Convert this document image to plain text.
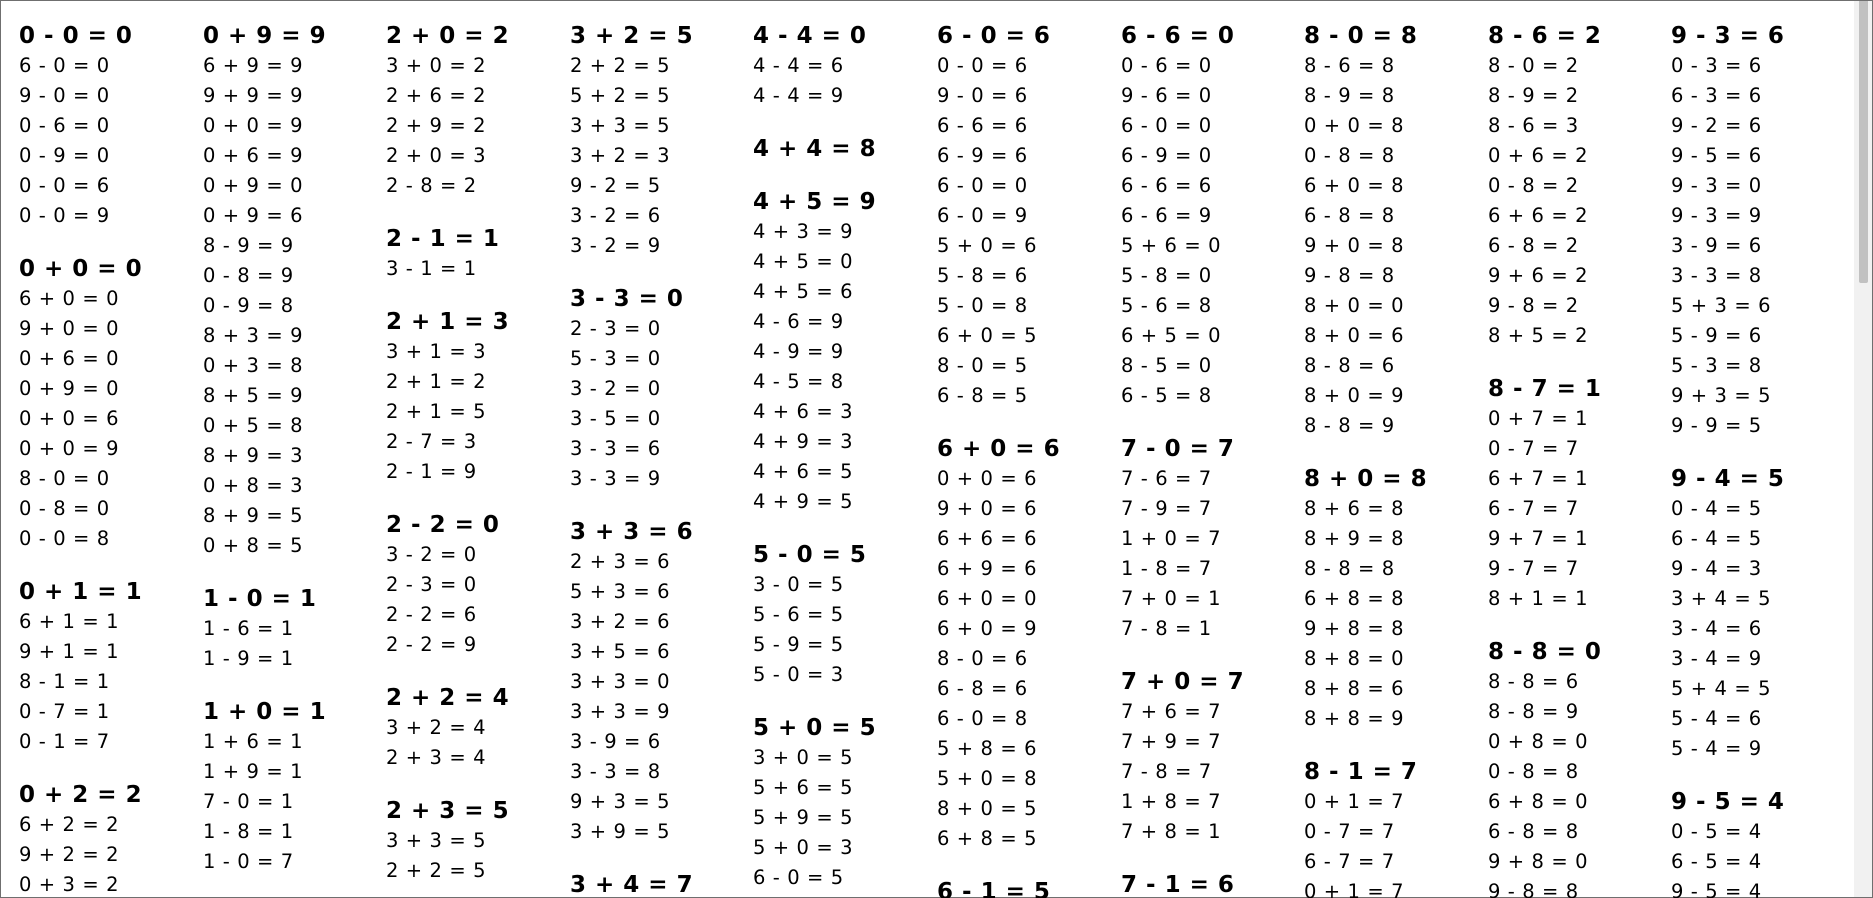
0 - 0 = 0
6 - 0 = 0
9 - 0 = 0
0 - 6 = 0
0 - 9 = 0
0 - 0 = 6
0 - 0 = 9
0 + 0 = 0
6 + 0 = 0
9 + 0 = 0
0 + 6 = 0
0 + 9 = 0
0 + 0 = 6
0 + 0 = 9
8 - 0 = 0
0 - 8 = 0
0 - 0 = 8
0 + 1 = 1
6 + 1 = 1
9 + 1 = 1
8 - 1 = 1
0 - 7 = 1
0 - 1 = 7
0 + 2 = 2
6 + 2 = 2
9 + 2 = 2
0 + 3 = 2
0 + 9 = 9
6 + 9 = 9
9 + 9 = 9
0 + 0 = 9
0 + 6 = 9
0 + 9 = 0
0 + 9 = 6
8 - 9 = 9
0 - 8 = 9
0 - 9 = 8
8 + 3 = 9
0 + 3 = 8
8 + 5 = 9
0 + 5 = 8
8 + 9 = 3
0 + 8 = 3
8 + 9 = 5
0 + 8 = 5
1 - 0 = 1
1 - 6 = 1
1 - 9 = 1
1 + 0 = 1
1 + 6 = 1
1 + 9 = 1
7 - 0 = 1
1 - 8 = 1
1 - 0 = 7
2 + 0 = 2
3 + 0 = 2
2 + 6 = 2
2 + 9 = 2
2 + 0 = 3
2 - 8 = 2
2 - 1 = 1
3 - 1 = 1
2 + 1 = 3
3 + 1 = 3
2 + 1 = 2
2 + 1 = 5
2 - 7 = 3
2 - 1 = 9
2 - 2 = 0
3 - 2 = 0
2 - 3 = 0
2 - 2 = 6
2 - 2 = 9
2 + 2 = 4
3 + 2 = 4
2 + 3 = 4
2 + 3 = 5
3 + 3 = 5
2 + 2 = 5
3 + 2 = 5
2 + 2 = 5
5 + 2 = 5
3 + 3 = 5
3 + 2 = 3
9 - 2 = 5
3 - 2 = 6
3 - 2 = 9
3 - 3 = 0
2 - 3 = 0
5 - 3 = 0
3 - 2 = 0
3 - 5 = 0
3 - 3 = 6
3 - 3 = 9
3 + 3 = 6
2 + 3 = 6
5 + 3 = 6
3 + 2 = 6
3 + 5 = 6
3 + 3 = 0
3 + 3 = 9
3 - 9 = 6
3 - 3 = 8
9 + 3 = 5
3 + 9 = 5
3 + 4 = 7
4 - 4 = 0
4 - 4 = 6
4 - 4 = 9
4 + 4 = 8
4 + 5 = 9
4 + 3 = 9
4 + 5 = 0
4 + 5 = 6
4 - 6 = 9
4 - 9 = 9
4 - 5 = 8
4 + 6 = 3
4 + 9 = 3
4 + 6 = 5
4 + 9 = 5
5 - 0 = 5
3 - 0 = 5
5 - 6 = 5
5 - 9 = 5
5 - 0 = 3
5 + 0 = 5
3 + 0 = 5
5 + 6 = 5
5 + 9 = 5
5 + 0 = 3
6 - 0 = 5
6 - 0 = 6
0 - 0 = 6
9 - 0 = 6
6 - 6 = 6
6 - 9 = 6
6 - 0 = 0
6 - 0 = 9
5 + 0 = 6
5 - 8 = 6
5 - 0 = 8
6 + 0 = 5
8 - 0 = 5
6 - 8 = 5
6 + 0 = 6
0 + 0 = 6
9 + 0 = 6
6 + 6 = 6
6 + 9 = 6
6 + 0 = 0
6 + 0 = 9
8 - 0 = 6
6 - 8 = 6
6 - 0 = 8
5 + 8 = 6
5 + 0 = 8
8 + 0 = 5
6 + 8 = 5
6 - 1 = 5
6 - 6 = 0
0 - 6 = 0
9 - 6 = 0
6 - 0 = 0
6 - 9 = 0
6 - 6 = 6
6 - 6 = 9
5 + 6 = 0
5 - 8 = 0
5 - 6 = 8
6 + 5 = 0
8 - 5 = 0
6 - 5 = 8
7 - 0 = 7
7 - 6 = 7
7 - 9 = 7
1 + 0 = 7
1 - 8 = 7
7 + 0 = 1
7 - 8 = 1
7 + 0 = 7
7 + 6 = 7
7 + 9 = 7
7 - 8 = 7
1 + 8 = 7
7 + 8 = 1
7 - 1 = 6
8 - 0 = 8
8 - 6 = 8
8 - 9 = 8
0 + 0 = 8
0 - 8 = 8
6 + 0 = 8
6 - 8 = 8
9 + 0 = 8
9 - 8 = 8
8 + 0 = 0
8 + 0 = 6
8 - 8 = 6
8 + 0 = 9
8 - 8 = 9
8 + 0 = 8
8 + 6 = 8
8 + 9 = 8
8 - 8 = 8
6 + 8 = 8
9 + 8 = 8
8 + 8 = 0
8 + 8 = 6
8 + 8 = 9
8 - 1 = 7
0 + 1 = 7
0 - 7 = 7
6 - 7 = 7
0 + 1 = 7
8 - 6 = 2
8 - 0 = 2
8 - 9 = 2
8 - 6 = 3
0 + 6 = 2
0 - 8 = 2
6 + 6 = 2
6 - 8 = 2
9 + 6 = 2
9 - 8 = 2
8 + 5 = 2
8 - 7 = 1
0 + 7 = 1
0 - 7 = 7
6 + 7 = 1
6 - 7 = 7
9 + 7 = 1
9 - 7 = 7
8 + 1 = 1
8 - 8 = 0
8 - 8 = 6
8 - 8 = 9
0 + 8 = 0
0 - 8 = 8
6 + 8 = 0
6 - 8 = 8
9 + 8 = 0
9 - 8 = 8
9 - 3 = 6
0 - 3 = 6
6 - 3 = 6
9 - 2 = 6
9 - 5 = 6
9 - 3 = 0
9 - 3 = 9
3 - 9 = 6
3 - 3 = 8
5 + 3 = 6
5 - 9 = 6
5 - 3 = 8
9 + 3 = 5
9 - 9 = 5
9 - 4 = 5
0 - 4 = 5
6 - 4 = 5
9 - 4 = 3
3 + 4 = 5
3 - 4 = 6
3 - 4 = 9
5 + 4 = 5
5 - 4 = 6
5 - 4 = 9
9 - 5 = 4
0 - 5 = 4
6 - 5 = 4
9 - 5 = 4
